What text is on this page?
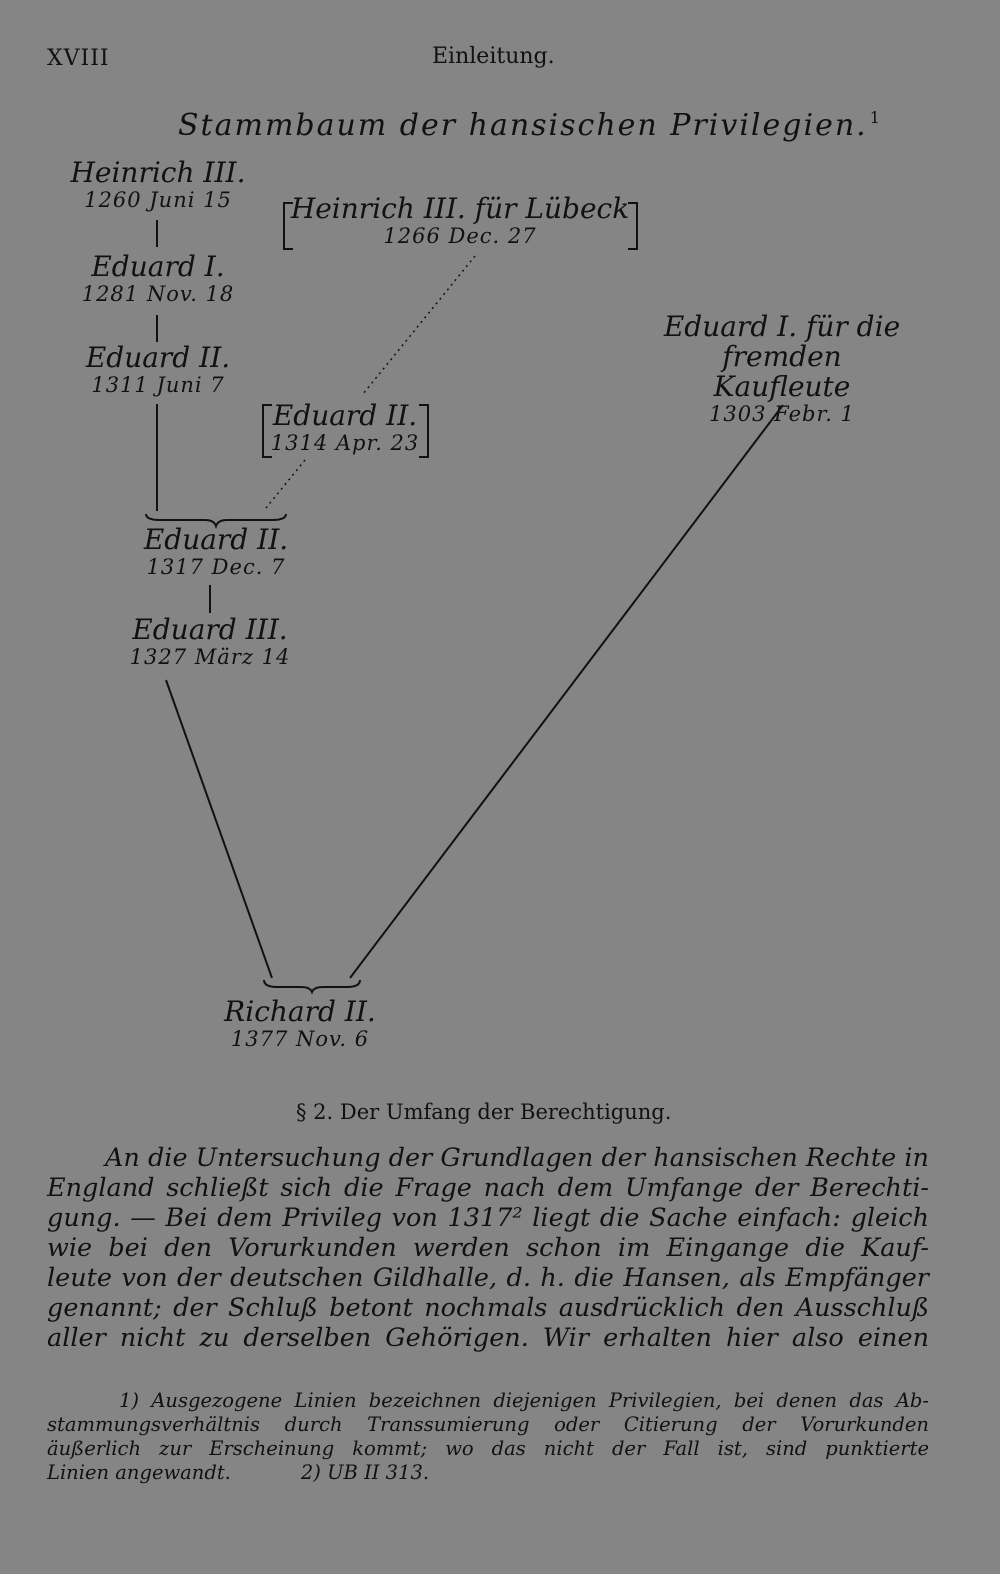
XVIII	Einleitung.
Stammbaum der hansischen Privilegien. $^1$
Heinrich III.
1260 Juni 15	Heinrich III. für Lübeck
1266 Dec. 27
Eduard I.
1281 Nov. 18
Eduard I. für die
fremden Kaufleute
1303 Febr. 1
Eduard II.
1311 Juni 7
Eduard II.
1314 Apr. 23
Eduard II.
1317 Dec. 7
Eduard III.
1327 März 14
Richard II.
1377 Nov. 6
§ 2. Der Umfang der Berechtigung.
An die Untersuchung der Grundlagen der hansischen Rechte in
England schließt sich die Frage nach dem Umfange der Berechti-
gung. — Bei dem Privileg von 1317² liegt die Sache einfach: gleich
wie bei den Vorurkunden werden schon im Eingange die Kauf-
leute von der deutschen Gildhalle, d. h. die Hansen, als Empfänger
genannt; der Schluß betont nochmals ausdrücklich den Ausschluß
aller nicht zu derselben Gehörigen. Wir erhalten hier also einen
1) Ausgezogene Linien bezeichnen diejenigen Privilegien, bei denen das Ab-
stammungsverhältnis durch Transsumierung oder Citierung der Vorurkunden
äußerlich zur Erscheinung kommt; wo das nicht der Fall ist, sind punktierte
Linien angewandt.	2) UB II 313.
